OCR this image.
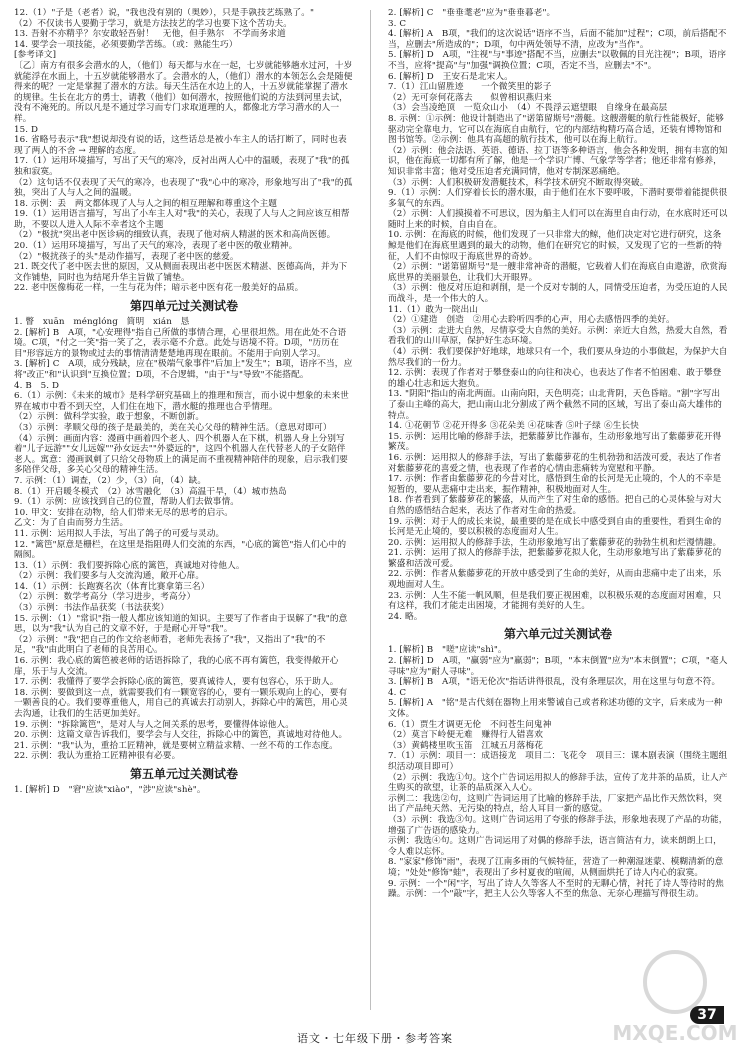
12.（1）"子是（老者）说，"我也没有别的（奥妙），只是手孰技艺练熟了。"
（2）不仅读书人要勤于学习，就是方法技艺的学习也要下这个苦功夫。
13. 吾射不亦精乎？尔安敢轻吾射！　无他，但手熟尔　不学而务求道
14. 要学会一项技能，必须要勤学苦练。（或：熟能生巧）
[参考译文]
〔乙〕南方有很多会潜水的人，（他们）每天都与水在一起，七岁就能够趟水过河，十岁就能浮在水面上，十五岁就能够潜水了。会潜水的人，（他们）潜水的本领怎么会是随便得来的呢？一定是掌握了潜水的方法。每天生活在水边上的人，十五岁就能掌握了潜水的规律。生长在北方的勇士，请教（他们）如何潜水，按照他们说的方法到河里去试，没有不淹死的。所以凡是不通过学习而专门求取道理的人，都像北方学习潜水的人一样。
15. D
16. 省略号表示"我"想说却没有说的话，这些话总是被小车主人的话打断了，同时也表现了两人的不舍 → 理解的态度。
17.（1）运用环境描写，写出了天气的寒冷，反衬出两人心中的温暖，表现了"我"的孤独和寂寞。
（2）这句话不仅表现了天气的寒冷，也表现了"我"心中的寒冷，形象地写出了"我"的孤独，突出了人与人之间的温暖。
18. 示例：丢　两文都体现了人与人之间的相互理解和尊重这个主题
19.（1）运用语言描写，写出了小车主人对"我"的关心，表现了人与人之间应该互相帮助，不要以人进入人际不幸者这个主题
（2）"极扰"突出老中医诊病的细致认真，表现了他对病人精湛的医术和高尚医德。
20.（1）运用环境描写，写出了天气的寒冷，表现了老中医的敬业精神。
（2）"极扰孩子的头"是动作描写，表现了老中医的慈爱。
21. 既交代了老中医去世的原因，又从侧面表现出老中医医术精湛、医德高尚，并为下文作铺垫，同时也为结尾升华主旨做了铺垫。
22. 老中医像梅花一样，一生与花为伴；暗示老中医有花一般美好的品质。
第四单元过关测试卷
1. 瞥　xuān　ménglóng　简明　xián　恳
2. [解析] B　A项，"心安理得"指自己所做的事情合理，心里很坦然。用在此处不合语境。C项，"付之一笑"指一笑了之，表示毫不介意。此处与语境不符。D项，"历历在目"形容远方的景物或过去的事情清清楚楚地再现在眼前。不能用于向别人学习。
3. [解析] C　A项，成分残缺，应在"极端气象事件"后加上"发生"；B项，语序不当，应将"改正"和"认识到"互换位置；D项，不合逻辑，"由于"与"导致"不能搭配。
4. B　5. D
6.（1）示例：《未来的城市》是科学研究基础上的推理和预言，而小说中想象的未来世界在城市中看不到天空，人们住在地下，潜水艇的推理也合乎情理。
（2）示例：做科学实验，敢于想象，不断创新。
（3）示例：孝顺父母的孩子是最美的，美在关心父母的精神生活。（意思对即可）
（4）示例：画面内容：漫画中画着四个老人、四个机器人在下棋，机器人身上分别写着"儿子远游""女儿远嫁""孙女远去""外婆远的"，这四个机器人在代替老人的子女陪伴老人。寓意：漫画讽刺了只给父母物质上的满足而不重视精神陪伴的现象，启示我们要多陪伴父母，多关心父母的精神生活。
7. 示例：（1）调查，（2）少，（3）向，（4）缺。
8.（1）开启暖冬模式　（2）冰雪融化　（3）高温干旱，（4）城市热岛
9.（1）示例：应该找到自己的位置，帮助人们去做事情。
10. 甲文：安排在动物，给人们带来无尽的思考的启示。
乙文：为了自由而努力生活。
11. 示例：运用拟人手法，写出了鸽子的可爱与灵动。
12. "篱笆"原意是栅栏，在这里是指阻碍人们交流的东西，"心底的篱笆"指人们心中的隔阂。
13.（1）示例：我们要拆除心底的篱笆，真诚地对待他人。
（2）示例：我们要多与人交流沟通，敞开心扉。
14.（1）示例：长跑赛名次（体育比赛拿第三名）
（2）示例：数学考高分（学习进步，考高分）
（3）示例：书法作品获奖（书法获奖）
15. 示例：（1）"常识"指一般人都应该知道的知识。主要写了作者由于误解了"我"的意思，以为"我"认为自己的文章不好，于是耐心开导"我"。
（2）示例："我"把自己的作文给老师看，老师先表扬了"我"，又指出了"我"的不足，"我"由此明白了老师的良苦用心。
16. 示例：我心底的篱笆被老师的话语拆除了，我的心底不再有篱笆，我变得敞开心扉，乐于与人交流。
17. 示例：我懂得了要学会拆除心底的篱笆，要真诚待人，要有包容心，乐于助人。
18. 示例：要做到这一点，就需要我们有一颗宽容的心，要有一颗乐观向上的心，要有一颗善良的心。我们要尊重他人，用自己的真诚去打动别人，拆除心中的篱笆，用心灵去沟通，让我们的生活更加美好。
19. 示例："拆除篱笆"，是对人与人之间关系的思考，要懂得体谅他人。
20. 示例：这篇文章告诉我们，要学会与人交往，拆除心中的篱笆，真诚地对待他人。
21. 示例："我"认为，重拾工匠精神，就是要树立精益求精、一丝不苟的工作态度。
22. 示例：我认为重拾工匠精神很有必要。
第五单元过关测试卷
1. [解析] D　"窘"应读"xiào"，"涉"应读"shè"。
2. [解析] C　"垂垂耄老"应为"垂垂暮老"。
3. C
4. [解析] A　B项，"我们的这次说话"语序不当，后面不能加"过程"；C项，前后搭配不当，应删去"所造成的"；D项，句中两处领导不清，应改为"当作"。
5. [解析] D　A项，"注视"与"事迹"搭配不当，应删去"以敬佩的目光注视"；B项，语序不当，应将"提高"与"加强"调换位置；C项，否定不当，应删去"不"。
6. [解析] D　王安石是北宋人。
7.（1）江山留胜迹　　一个微笑里的影子
（2）无可奈何花落去　　似曾相识燕归来
（3）会当凌绝顶　一览众山小　（4）不畏浮云遮望眼　自缘身在最高层
8. 示例：①示例：他设计制造出了"诺第留斯号"潜艇。这艘潜艇的航行性能极好，能够驱动完全靠电力，它可以在海底自由航行，它的内部结构精巧高合适，还装有博物馆和图书馆等。②示例：他具有高超的航行技术，他可以在海上航行。
（2）示例：他会法语、英语、德语、拉丁语等多种语言，他会各种发明，拥有丰富的知识，他在海底一切都有所了解，他是一个学识广博、气象学等学者；他还非常有修养，知识非常丰富；他对受压迫者充满同情，他对专制深恶痛绝。
（3）示例：人们积极研发潜艇技术，科学技术研究不断取得突破。
9.（1）示例：人们穿着长长的潜水服，由于他们在水下要呼吸，下潜时要带着能提供很多氧气的东西。
（2）示例：人们摸摸着不可思议，因为船主人们可以在海里自由行动，在水底时还可以随时上来的时候，自由自在。
10. 示例：在海底的时候，他们发现了一只非常大的鲸，他们决定对它进行研究，这条鲸是他们在海底里遇到的最大的动物，他们在研究它的时候，又发现了它的一些新的特征，人们不由惊叹于海底世界的奇妙。
（2）示例："诺第留斯号"是一艘非常神奇的潜艇，它载着人们在海底自由遨游，欣赏海底世界的美丽景色，让我们大开眼界。
（3）示例：他反对压迫和剥削，是一个反对专制的人，同情受压迫者，为受压迫的人民而战斗，是一个伟大的人。
11.（1）敢为一院出山
（2）①建造　创造　②用心去聆听四季的心声，用心去感悟四季的美好。
（3）示例：走进大自然，尽情享受大自然的美好。示例：亲近大自然，热爱大自然，看看我们的山川草原，保护好生态环境。
（4）示例：我们要保护好地球，地球只有一个，我们要从身边的小事做起，为保护大自然尽我们的一份力。
12. 示例：表现了作者对于攀登泰山的向往和决心，也表达了作者不怕困难、敢于攀登的雄心壮志和远大抱负。
13. "阴阳"指山的南北两面。山南向阳，天色明亮；山北背阴，天色昏暗。"割"字写出了泰山主峰的高大，把山南山北分割成了两个截然不同的区域，写出了泰山高大雄伟的特点。
14. ①花朝节 ②花开得多 ③花朵美 ④花味香 ⑤叶子绿 ⑥生长快
15. 示例：运用比喻的修辞手法，把紫藤萝比作瀑布，生动形象地写出了紫藤萝花开得繁茂。
16. 示例：运用拟人的修辞手法，写出了紫藤萝花的生机勃勃和活泼可爱，表达了作者对紫藤萝花的喜爱之情，也表现了作者的心情由悲痛转为宽慰和平静。
17. 示例：作者由紫藤萝花的今昔对比，感悟到生命的长河是无止境的，个人的不幸是短暂的，要从悲痛中走出来，振作精神，积极地面对人生。
18. 作者看到了紫藤萝花的繁盛，从而产生了对生命的感悟。把自己的心灵体验与对大自然的感悟结合起来，表达了作者对生命的热爱。
19. 示例：对于人的成长来说，最重要的是在成长中感受到自由的重要性，看到生命的长河是无止境的，要以积极的态度面对人生。
20. 示例：运用拟人的修辞手法，生动形象地写出了紫藤萝花的勃勃生机和烂漫情趣。
21. 示例：运用了拟人的修辞手法，把紫藤萝花拟人化，生动形象地写出了紫藤萝花的繁盛和活泼可爱。
22. 示例：作者从紫藤萝花的开放中感受到了生命的美好，从而由悲痛中走了出来，乐观地面对人生。
23. 示例：人生不能一帆风顺，但是我们要正视困难，以积极乐观的态度面对困难，只有这样，我们才能走出困境，才能拥有美好的人生。
24. 略。
第六单元过关测试卷
1. [解析] B　"嗟"应读"shì"。
2. [解析] D　A项，"赢弱"应为"羸弱"；B项，"本末倒置"应为"本末倒置"；C项，"毫人寻味"应为"耐人寻味"。
3. [解析] B　A项，"语无伦次"指话讲得很乱，没有条理层次，用在这里与句意不符。
4. C
5. [解析] A　"铭"是古代刻在器物上用来警诫自己或者称述功德的文字，后来成为一种文体。
6.（1）贾生才调更无伦　不问苍生问鬼神
（2）莫言下岭便无难　赚得行人错喜欢
（3）黄鹤楼里吹玉笛　江城五月落梅花
7.（1）示例：项目一：成语接龙　项目二：飞花令　项目三：课本剧表演（围绕主题组织活动项目即可）
（2）示例：我选①句。这个广告词运用拟人的修辞手法，宣传了龙井茶的品质，让人产生购买的欲望，让茶的品质深入人心。
示例二：我选②句，这则广告词运用了比喻的修辞手法，厂家把产品比作天然饮料，突出了产品纯天然、无污染的特点，给人耳目一新的感觉。
（3）示例：我选③句。这则广告词运用了夸张的修辞手法，形象地表现了产品的功能，增强了广告语的感染力。
示例：我选④句。这则广告词运用了对偶的修辞手法，语言简洁有力，读来朗朗上口，令人难以忘怀。
8. "家家"修饰"雨"，表现了江南多雨的气候特征，营造了一种潮湿迷蒙、模糊清新的意境；"处处"修饰"蛙"，表现出了乡村夏夜的喧闹，从侧面烘托了诗人内心的寂寞。
9. 示例：一个"闲"字，写出了诗人久等客人不至时的无聊心情，衬托了诗人等待时的焦躁。示例：一个"敲"字，把主人公久等客人不至的焦急、无奈心理描写得很生动。
37
语文・七年级下册・参考答案	MXQE.COM
